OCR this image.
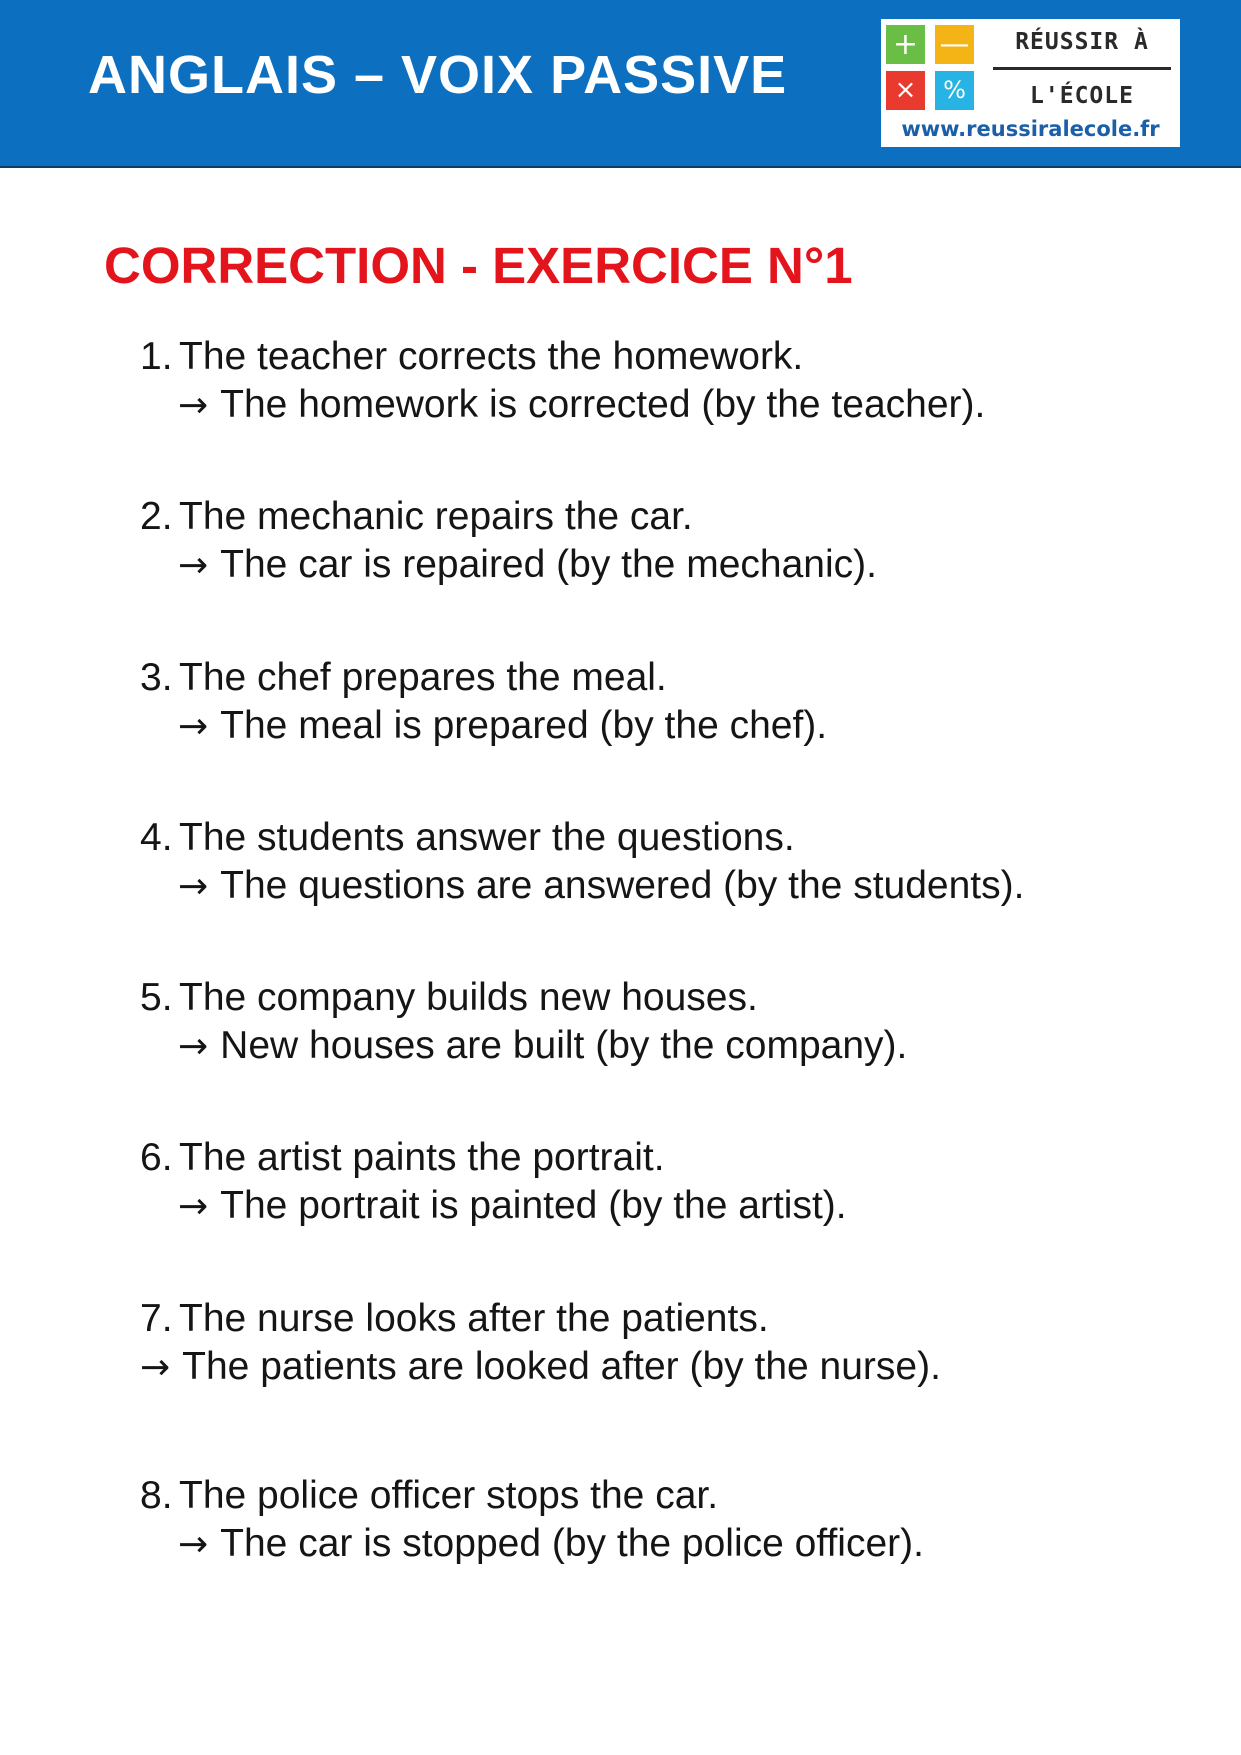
ANGLAIS – VOIX PASSIVE
+ —
×	%
RÉUSSIR À
L'ÉCOLE
www.reussiralecole.fr
CORRECTION - EXERCICE N°1
1. The teacher corrects the homework.
→ The homework is corrected (by the teacher).
2. The mechanic repairs the car.
→ The car is repaired (by the mechanic).
3. The chef prepares the meal.
→ The meal is prepared (by the chef).
4. The students answer the questions.
→ The questions are answered (by the students).
5. The company builds new houses.
→ New houses are built (by the company).
6. The artist paints the portrait.
→ The portrait is painted (by the artist).
7. The nurse looks after the patients.
→ The patients are looked after (by the nurse).
8. The police officer stops the car.
→ The car is stopped (by the police officer).
